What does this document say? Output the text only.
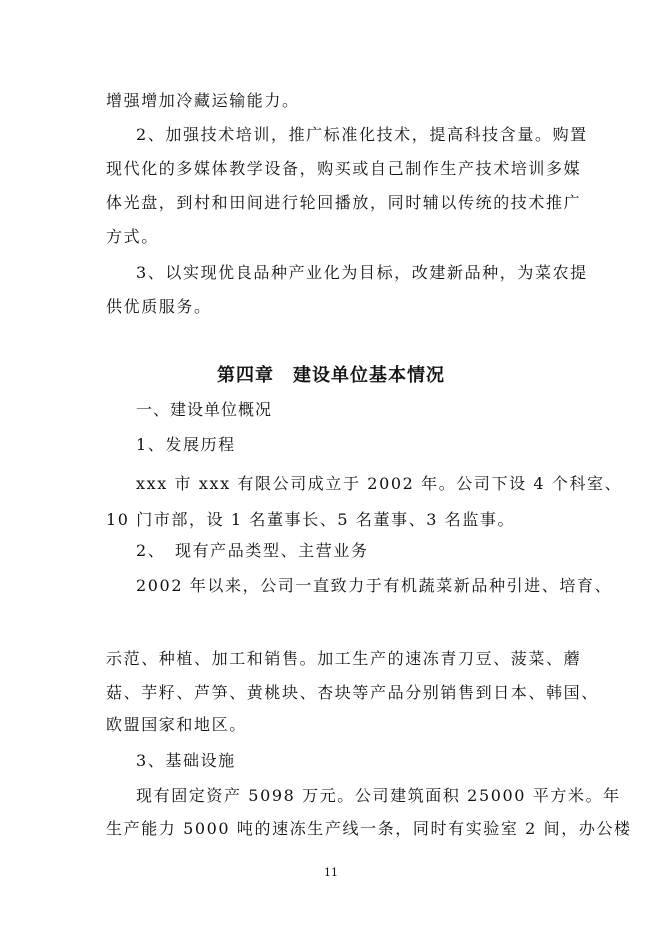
增强增加冷藏运输能力。
2、加强技术培训，推广标准化技术，提高科技含量。购置
现代化的多媒体教学设备，购买或自己制作生产技术培训多媒
体光盘，到村和田间进行轮回播放，同时辅以传统的技术推广
方式。
3、以实现优良品种产业化为目标，改建新品种，为菜农提
供优质服务。
第四章　建设单位基本情况
一、建设单位概况
1、发展历程
xxx 市 xxx 有限公司成立于 2002 年。公司下设 4 个科室、
10 门市部，设 1 名董事长、5 名董事、3 名监事。
2、　现有产品类型、主营业务
2002 年以来，公司一直致力于有机蔬菜新品种引进、培育、
示范、种植、加工和销售。加工生产的速冻青刀豆、菠菜、蘑
菇、芋籽、芦笋、黄桃块、杏块等产品分别销售到日本、韩国、
欧盟国家和地区。
3、基础设施
现有固定资产 5098 万元。公司建筑面积 25000 平方米。年
生产能力 5000 吨的速冻生产线一条，同时有实验室 2 间，办公楼
11
